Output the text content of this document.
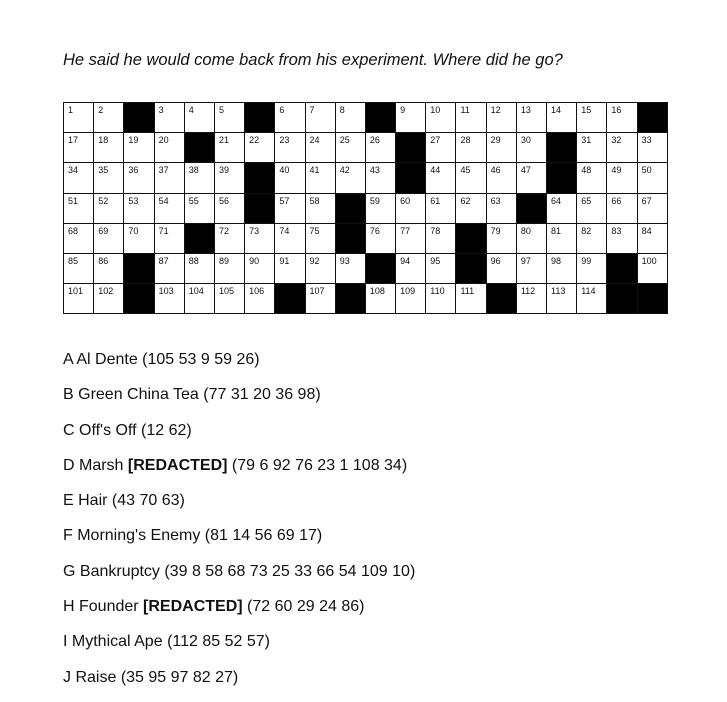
He said he would come back from his experiment. Where did he go?
1	2		3	4	5		6	7	8		9	10	11	12	13	14	15	16	

17	18	19	20		21	22	23	24	25	26		27	28	29	30		31	32	33

34	35	36	37	38	39		40	41	42	43		44	45	46	47		48	49	50

51	52	53	54	55	56		57	58		59	60	61	62	63		64	65	66	67

68	69	70	71		72	73	74	75		76	77	78		79	80	81	82	83	84

85	86		87	88	89	90	91	92	93		94	95		96	97	98	99		100

101	102		103	104	105	106		107		108	109	110	111		112	113	114		

A Al Dente (105 53 9 59 26)
B Green China Tea (77 31 20 36 98)
C Off's Off (12 62)
D Marsh [REDACTED] (79 6 92 76 23 1 108 34)
E Hair (43 70 63)
F Morning's Enemy (81 14 56 69 17)
G Bankruptcy (39 8 58 68 73 25 33 66 54 109 10)
H Founder [REDACTED] (72 60 29 24 86)
I Mythical Ape (112 85 52 57)
J Raise (35 95 97 82 27)
